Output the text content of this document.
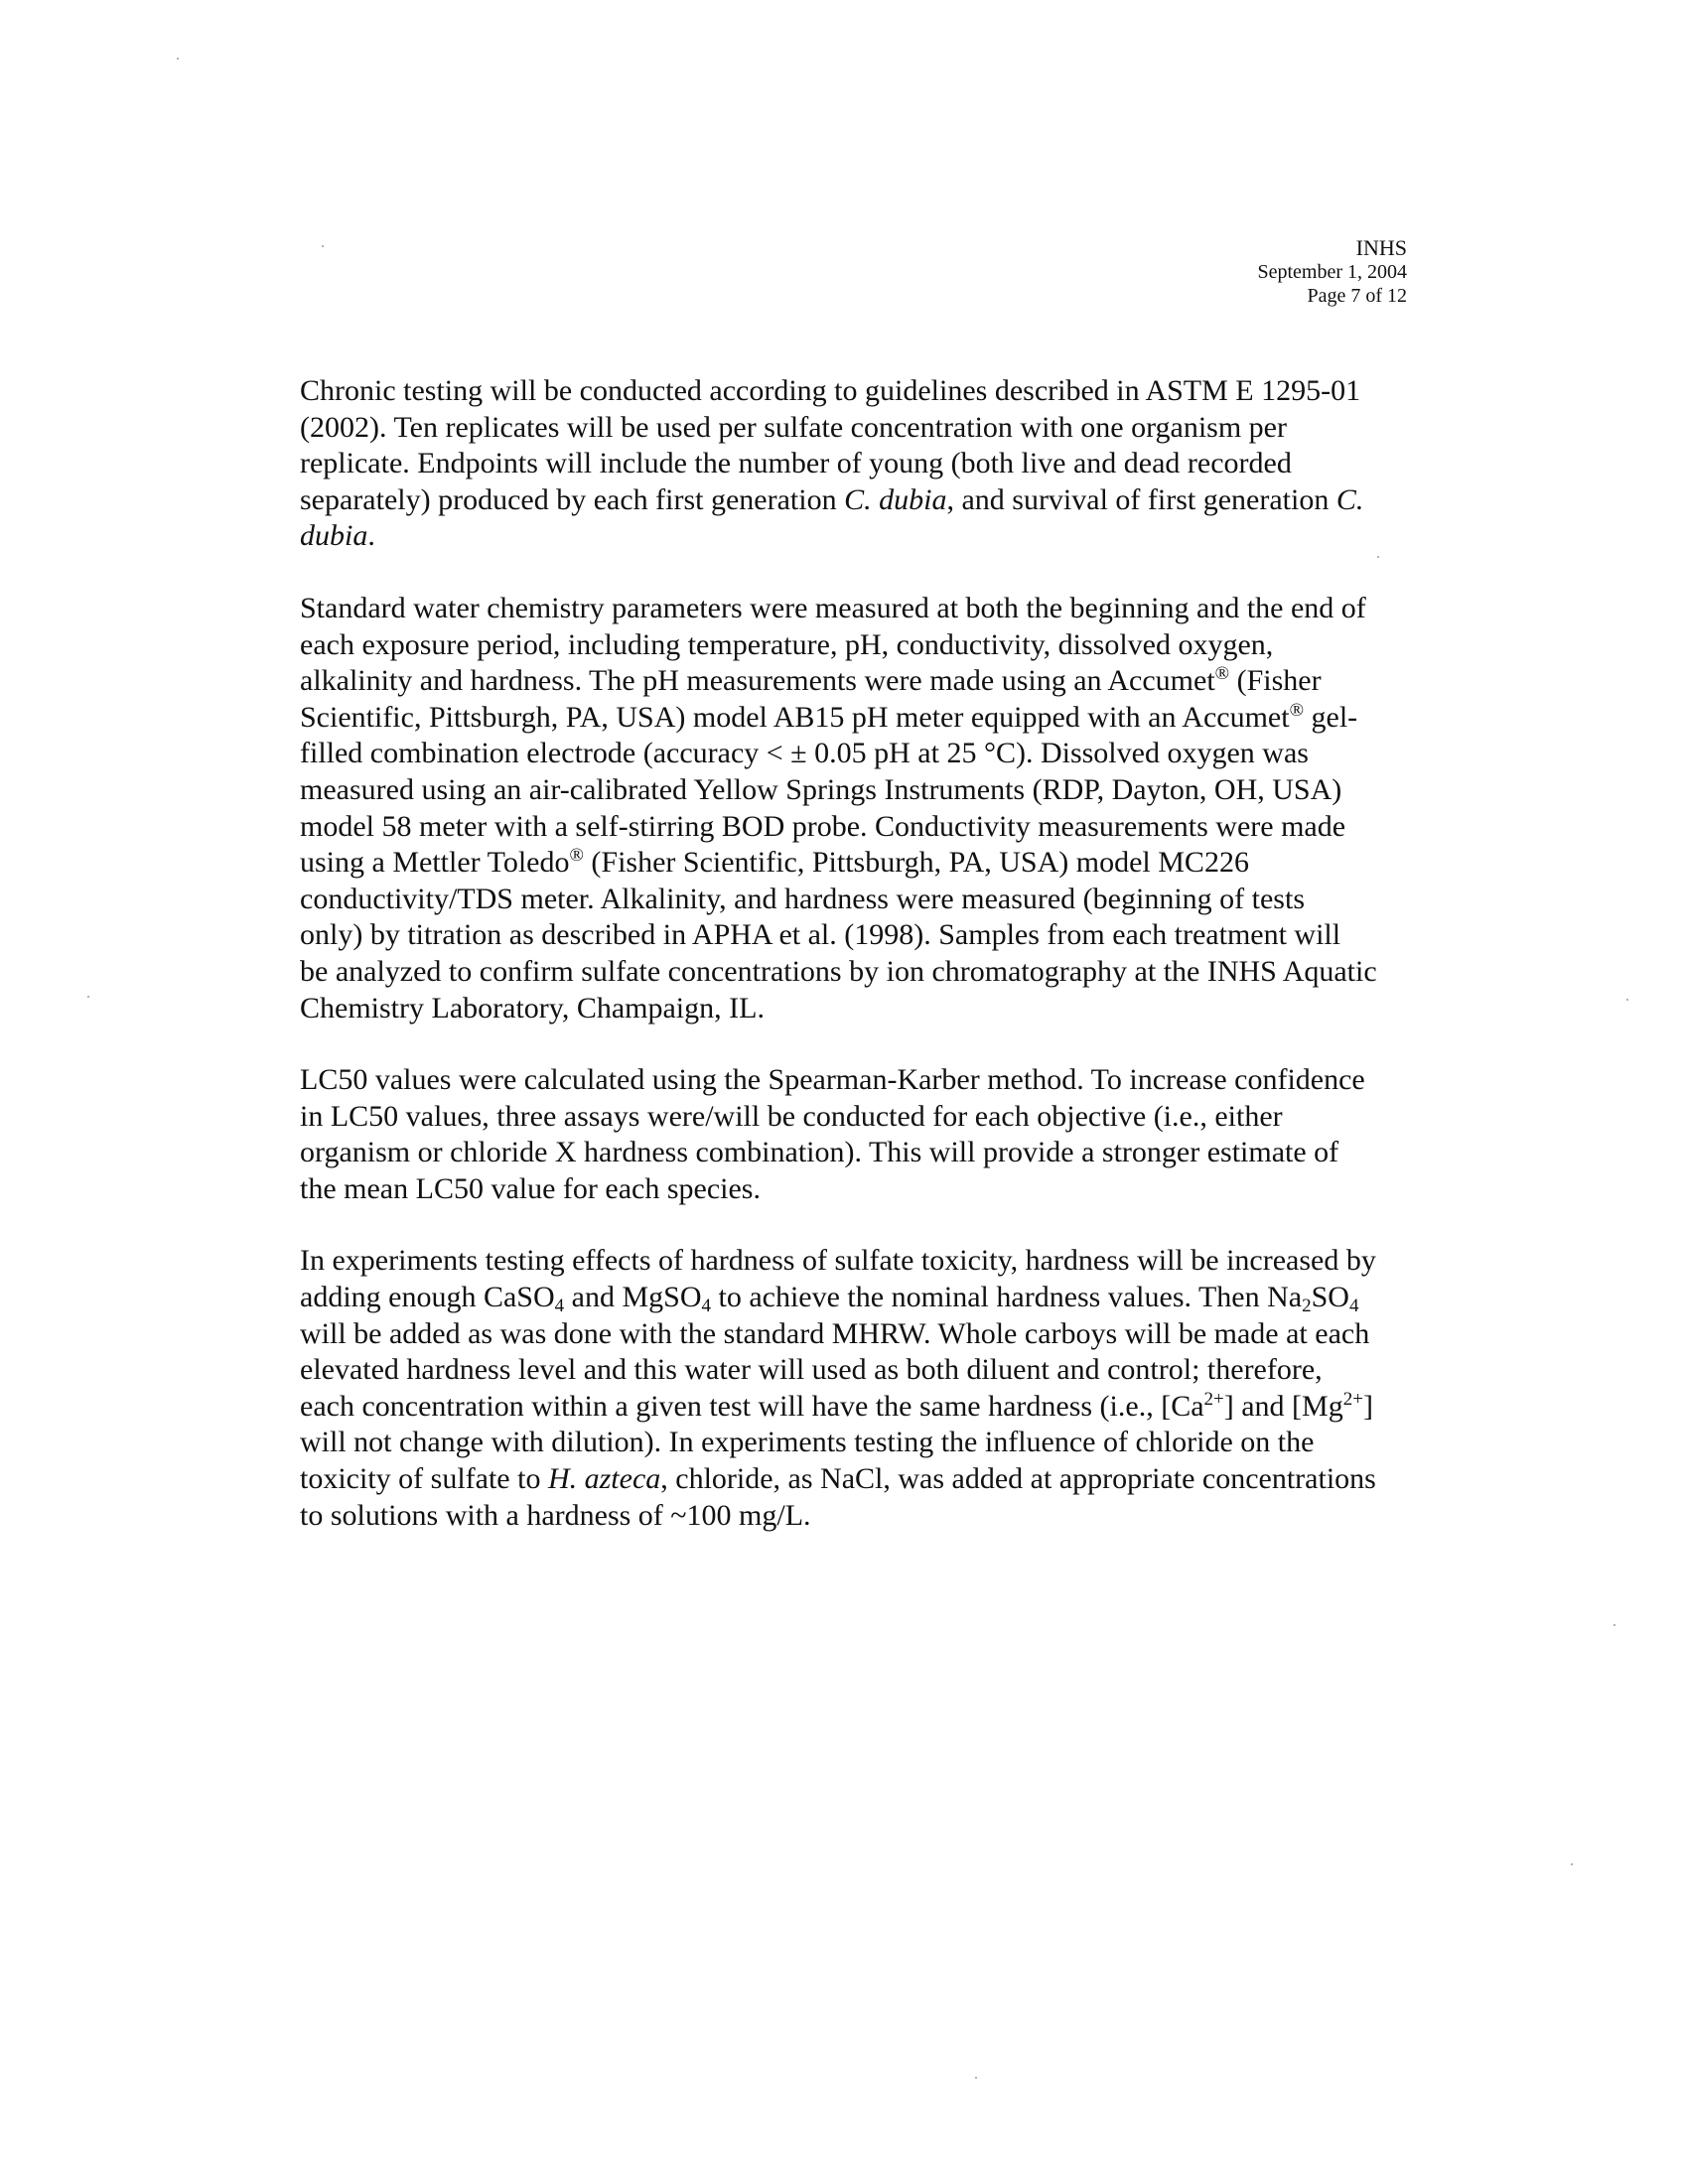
INHS
September 1, 2004
Page 7 of 12

Chronic testing will be conducted according to guidelines described in ASTM E 1295-01
(2002). Ten replicates will be used per sulfate concentration with one organism per
replicate. Endpoints will include the number of young (both live and dead recorded
separately) produced by each first generation C. dubia, and survival of first generation C.
dubia.

Standard water chemistry parameters were measured at both the beginning and the end of
each exposure period, including temperature, pH, conductivity, dissolved oxygen,
alkalinity and hardness. The pH measurements were made using an Accumet® (Fisher
Scientific, Pittsburgh, PA, USA) model AB15 pH meter equipped with an Accumet® gel-
filled combination electrode (accuracy < ± 0.05 pH at 25 °C). Dissolved oxygen was
measured using an air-calibrated Yellow Springs Instruments (RDP, Dayton, OH, USA)
model 58 meter with a self-stirring BOD probe. Conductivity measurements were made
using a Mettler Toledo® (Fisher Scientific, Pittsburgh, PA, USA) model MC226
conductivity/TDS meter. Alkalinity, and hardness were measured (beginning of tests
only) by titration as described in APHA et al. (1998). Samples from each treatment will
be analyzed to confirm sulfate concentrations by ion chromatography at the INHS Aquatic
Chemistry Laboratory, Champaign, IL.

LC50 values were calculated using the Spearman-Karber method. To increase confidence
in LC50 values, three assays were/will be conducted for each objective (i.e., either
organism or chloride X hardness combination). This will provide a stronger estimate of
the mean LC50 value for each species.

In experiments testing effects of hardness of sulfate toxicity, hardness will be increased by
adding enough CaSO$_4$ and MgSO$_4$ to achieve the nominal hardness values. Then $Na_2SO_4$
will be added as was done with the standard MHRW. Whole carboys will be made at each
elevated hardness level and this water will used as both diluent and control; therefore,
each concentration within a given test will have the same hardness (i.e., $[Ca^{2+}]$ and $[Mg^{2+}]$
will not change with dilution). In experiments testing the influence of chloride on the
toxicity of sulfate to H. azteca, chloride, as NaCl, was added at appropriate concentrations
to solutions with a hardness of ~100 mg/L.
